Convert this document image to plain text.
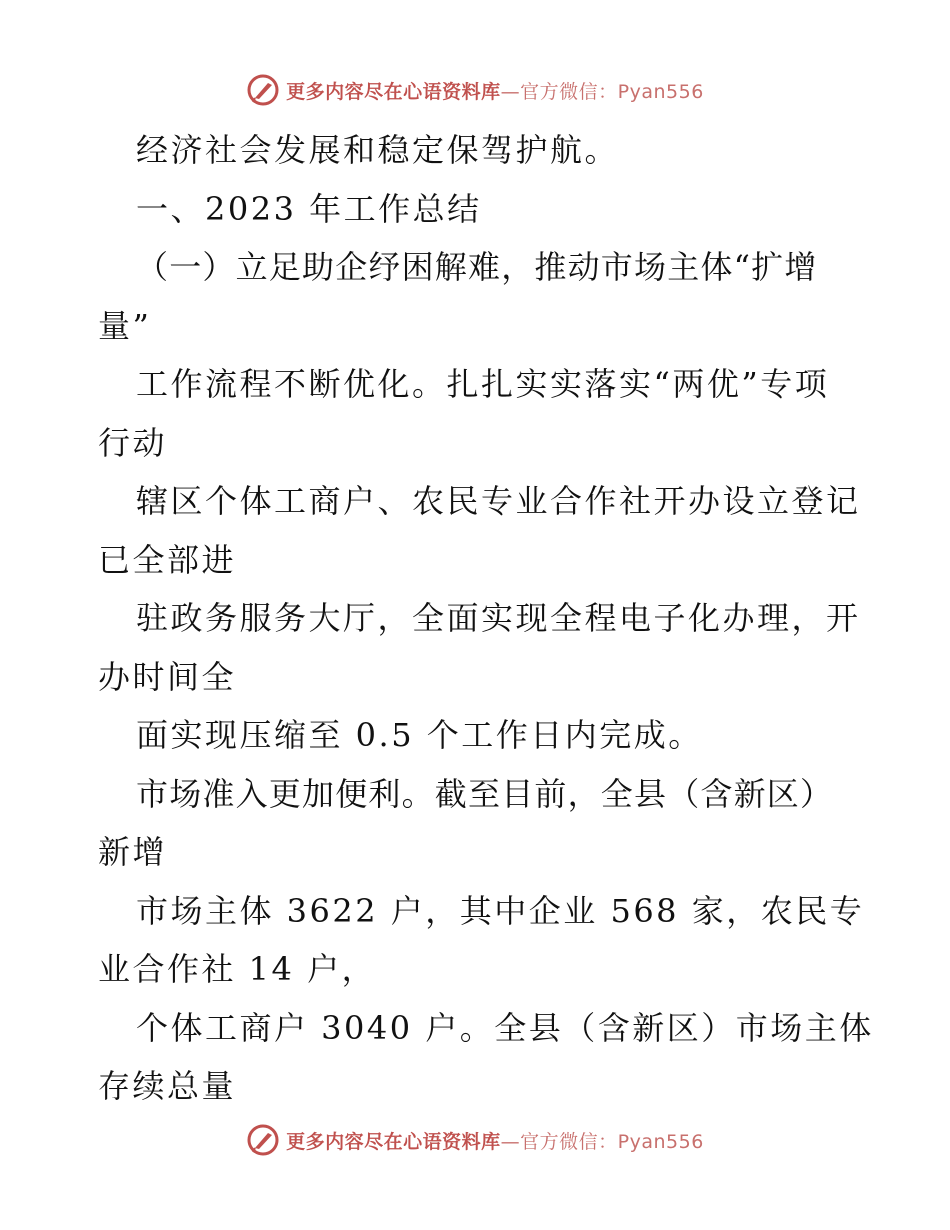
更多内容尽在心语资料库 —官方微信：Pyan556
经济社会发展和稳定保驾护航。
一、2023 年工作总结
（一）立足助企纾困解难，推动市场主体“扩增
量”
工作流程不断优化。扎扎实实落实“两优”专项
行动
辖区个体工商户、农民专业合作社开办设立登记
已全部进
驻政务服务大厅，全面实现全程电子化办理，开
办时间全
面实现压缩至 0.5 个工作日内完成。
市场准入更加便利。截至目前，全县（含新区）
新增
市场主体 3622 户，其中企业 568 家，农民专
业合作社 14 户，
个体工商户 3040 户。全县（含新区）市场主体
存续总量
更多内容尽在心语资料库 —官方微信：Pyan556
